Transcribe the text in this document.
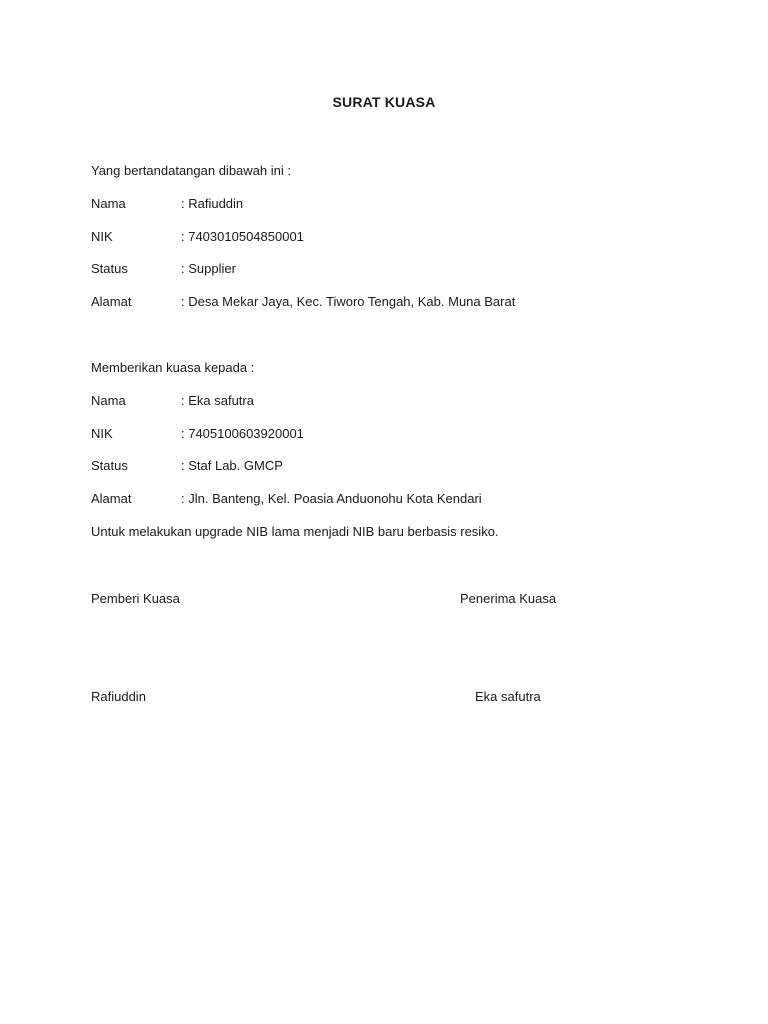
SURAT KUASA
Yang bertandatangan dibawah ini :
Nama	: Rafiuddin
NIK	: 7403010504850001
Status	: Supplier
Alamat	: Desa Mekar Jaya, Kec. Tiworo Tengah, Kab. Muna Barat
Memberikan kuasa kepada :
Nama	: Eka safutra
NIK	: 7405100603920001
Status	: Staf Lab. GMCP
Alamat	: Jln. Banteng, Kel. Poasia Anduonohu Kota Kendari
Untuk melakukan upgrade NIB lama menjadi NIB baru berbasis resiko.
Pemberi Kuasa	Penerima Kuasa
Rafiuddin	Eka safutra
